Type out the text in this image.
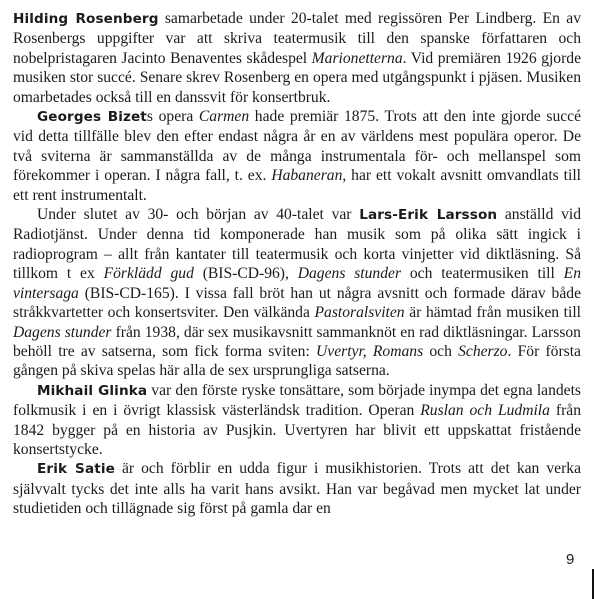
Hilding Rosenberg samarbetade under 20-talet med regissören Per Lindberg. En av Rosenbergs uppgifter var att skriva teatermusik till den spanske författaren och nobelpristagaren Jacinto Benaventes skådespel Marionetterna. Vid premiären 1926 gjorde musiken stor succé. Senare skrev Rosenberg en opera med utgångspunkt i pjäsen. Musiken omarbetades också till en danssvit för konsertbruk.

Georges Bizets opera Carmen hade premiär 1875. Trots att den inte gjorde succé vid detta tillfälle blev den efter endast några år en av världens mest populära operor. De två sviterna är sammanställda av de många instrumentala för- och mellanspel som förekommer i operan. I några fall, t. ex. Habaneran, har ett vokalt avsnitt omvandlats till ett rent instrumentalt.

Under slutet av 30- och början av 40-talet var Lars-Erik Larsson anställd vid Radiotjänst. Under denna tid komponerade han musik som på olika sätt ingick i radioprogram – allt från kantater till teatermusik och korta vinjetter vid diktläsning. Så tillkom t ex Förklädd gud (BIS-CD-96), Dagens stunder och teatermusiken till En vintersaga (BIS-CD-165). I vissa fall bröt han ut några avsnitt och formade därav både stråkkvartetter och konsertsviter. Den välkända Pastoralsviten är hämtad från musiken till Dagens stunder från 1938, där sex musikavsnitt sammanknöt en rad diktläsningar. Larsson behöll tre av satserna, som fick forma sviten: Uvertyr, Romans och Scherzo. För första gången på skiva spelas här alla de sex ursprungliga satserna.

Mikhail Glinka var den förste ryske tonsättare, som började inympa det egna landets folkmusik i en i övrigt klassisk västerländsk tradition. Operan Ruslan och Ludmila från 1842 bygger på en historia av Pusjkin. Uvertyren har blivit ett uppskattat fristående konsertstycke.

Erik Satie är och förblir en udda figur i musikhistorien. Trots att det kan verka självvalt tycks det inte alls ha varit hans avsikt. Han var begåvad men mycket lat under studietiden och tillägnade sig först på gamla dar en

9
